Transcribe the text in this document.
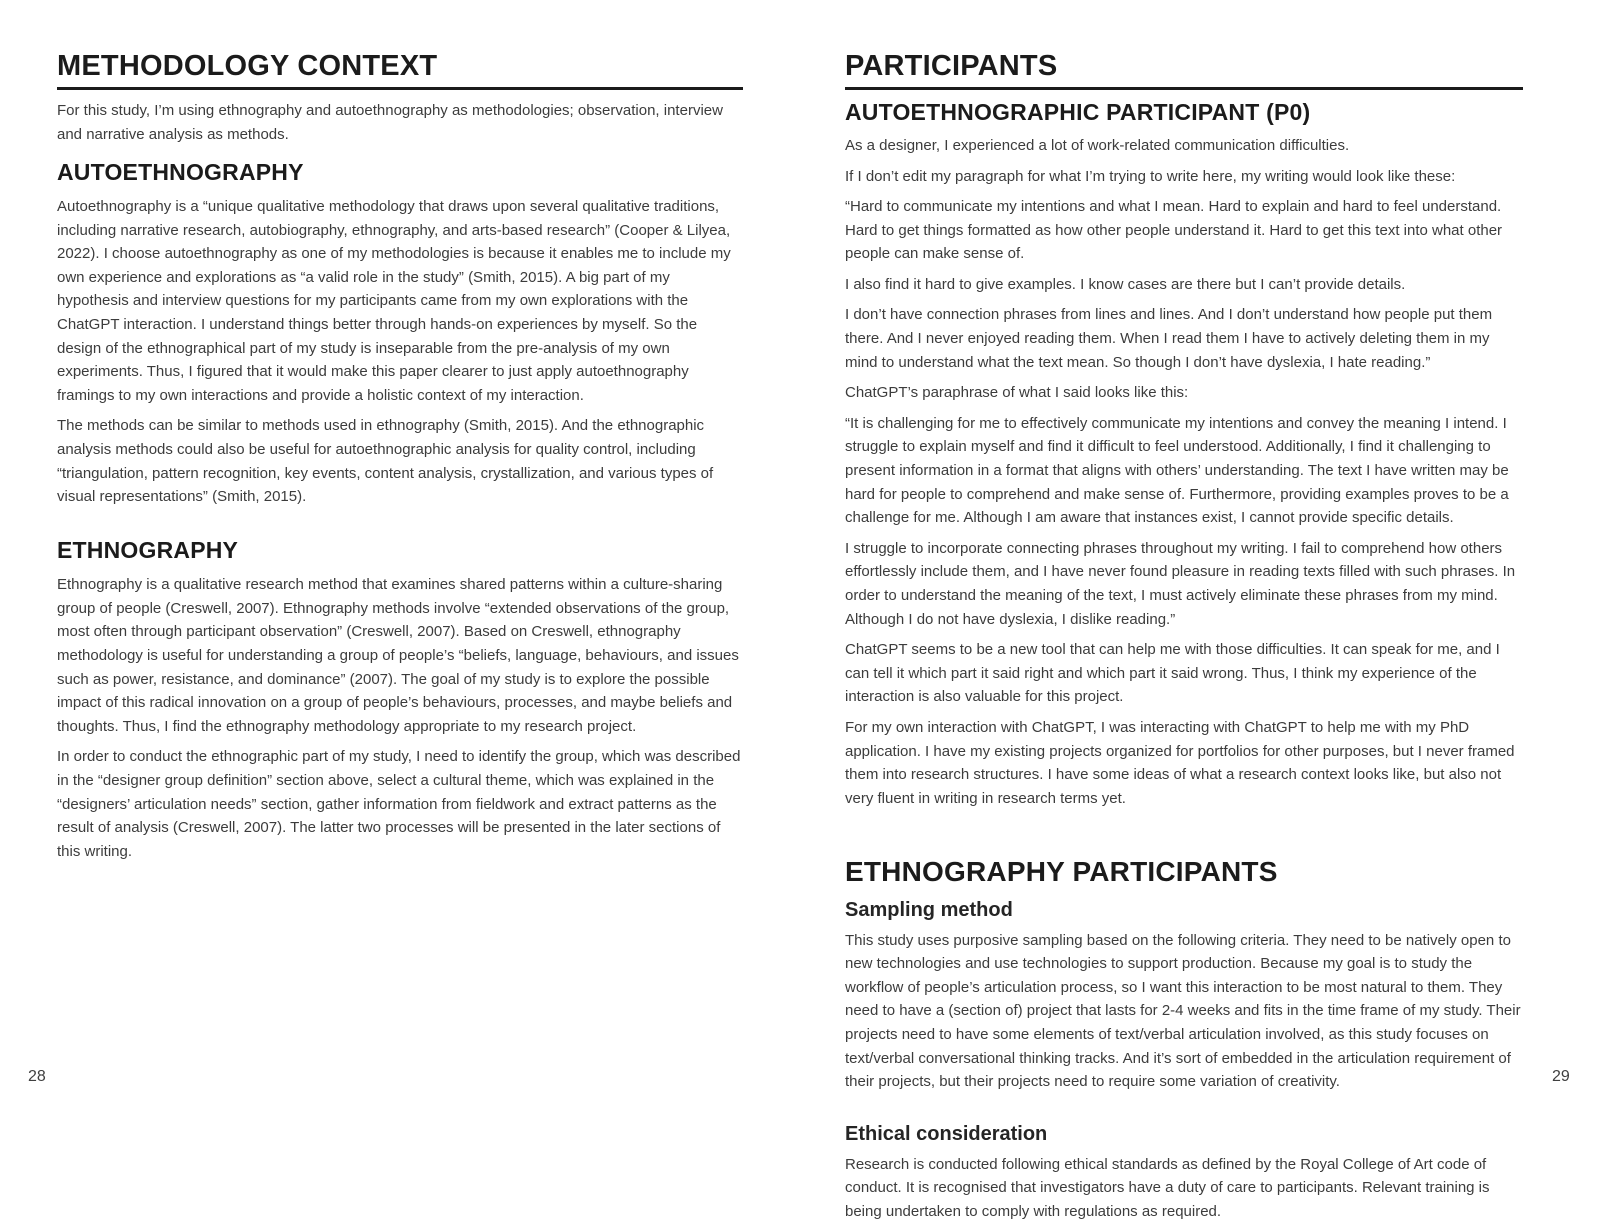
METHODOLOGY CONTEXT

For this study, I’m using ethnography and autoethnography as methodologies; observation, interview and narrative analysis as methods.

AUTOETHNOGRAPHY

Autoethnography is a “unique qualitative methodology that draws upon several qualitative traditions, including narrative research, autobiography, ethnography, and arts-based research” (Cooper & Lilyea, 2022). I choose autoethnography as one of my methodologies is because it enables me to include my own experience and explorations as “a valid role in the study” (Smith, 2015). A big part of my hypothesis and interview questions for my participants came from my own explorations with the ChatGPT interaction. I understand things better through hands-on experiences by myself. So the design of the ethnographical part of my study is inseparable from the pre-analysis of my own experiments. Thus, I figured that it would make this paper clearer to just apply autoethnography framings to my own interactions and provide a holistic context of my interaction.

The methods can be similar to methods used in ethnography (Smith, 2015). And the ethnographic analysis methods could also be useful for autoethnographic analysis for quality control, including “triangulation, pattern recognition, key events, content analysis, crystallization, and various types of visual representations” (Smith, 2015).

ETHNOGRAPHY

Ethnography is a qualitative research method that examines shared patterns within a culture-sharing group of people (Creswell, 2007). Ethnography methods involve “extended observations of the group, most often through participant observation” (Creswell, 2007). Based on Creswell, ethnography methodology is useful for understanding a group of people’s “beliefs, language, behaviours, and issues such as power, resistance, and dominance” (2007). The goal of my study is to explore the possible impact of this radical innovation on a group of people’s behaviours, processes, and maybe beliefs and thoughts. Thus, I find the ethnography methodology appropriate to my research project.

In order to conduct the ethnographic part of my study, I need to identify the group, which was described in the “designer group definition” section above, select a cultural theme, which was explained in the “designers’ articulation needs” section, gather information from fieldwork and extract patterns as the result of analysis (Creswell, 2007). The latter two processes will be presented in the later sections of this writing.

PARTICIPANTS
AUTOETHNOGRAPHIC PARTICIPANT (P0)

As a designer, I experienced a lot of work-related communication difficulties.

If I don’t edit my paragraph for what I’m trying to write here, my writing would look like these:

“Hard to communicate my intentions and what I mean. Hard to explain and hard to feel understand. Hard to get things formatted as how other people understand it. Hard to get this text into what other people can make sense of.

I also find it hard to give examples. I know cases are there but I can’t provide details.

I don’t have connection phrases from lines and lines. And I don’t understand how people put them there. And I never enjoyed reading them. When I read them I have to actively deleting them in my mind to understand what the text mean. So though I don’t have dyslexia, I hate reading.”

ChatGPT’s paraphrase of what I said looks like this:

“It is challenging for me to effectively communicate my intentions and convey the meaning I intend. I struggle to explain myself and find it difficult to feel understood. Additionally, I find it challenging to present information in a format that aligns with others’ understanding. The text I have written may be hard for people to comprehend and make sense of. Furthermore, providing examples proves to be a challenge for me. Although I am aware that instances exist, I cannot provide specific details.

I struggle to incorporate connecting phrases throughout my writing. I fail to comprehend how others effortlessly include them, and I have never found pleasure in reading texts filled with such phrases. In order to understand the meaning of the text, I must actively eliminate these phrases from my mind. Although I do not have dyslexia, I dislike reading.”

ChatGPT seems to be a new tool that can help me with those difficulties. It can speak for me, and I can tell it which part it said right and which part it said wrong. Thus, I think my experience of the interaction is also valuable for this project.

For my own interaction with ChatGPT, I was interacting with ChatGPT to help me with my PhD application. I have my existing projects organized for portfolios for other purposes, but I never framed them into research structures. I have some ideas of what a research context looks like, but also not very fluent in writing in research terms yet.

ETHNOGRAPHY PARTICIPANTS
Sampling method

This study uses purposive sampling based on the following criteria. They need to be natively open to new technologies and use technologies to support production. Because my goal is to study the workflow of people’s articulation process, so I want this interaction to be most natural to them. They need to have a (section of) project that lasts for 2-4 weeks and fits in the time frame of my study. Their projects need to have some elements of text/verbal articulation involved, as this study focuses on text/verbal conversational thinking tracks. And it’s sort of embedded in the articulation requirement of their projects, but their projects need to require some variation of creativity.

Ethical consideration

Research is conducted following ethical standards as defined by the Royal College of Art code of conduct. It is recognised that investigators have a duty of care to participants. Relevant training is being undertaken to comply with regulations as required.

28	29
